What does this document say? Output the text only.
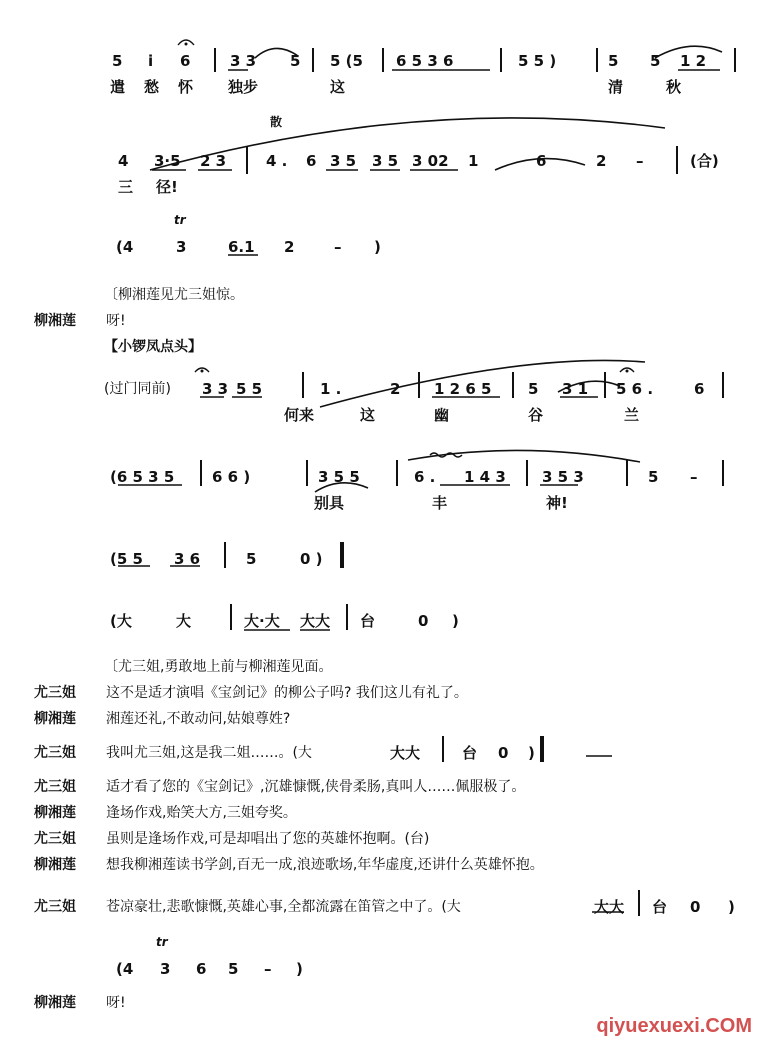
5 i 6	3 3 5 5 (5 6 5 3 6	5 5 )	5 5 1 2
遣 愁 怀 独步	这	清	秋
散
4 3·5 2 3	4 . 6 3 5 3 5 3 02 1	6	2 –	(合)
三 径!
tr
(4	3	6.1 2	– )
〔柳湘莲见尤三姐惊。
柳湘莲 呀!
【小锣凤点头】
(过门同前) 3 3 5 5	1 .	2 1 2 6 5 5 3 1 5 6 .	6
何来	这	幽	谷	兰
(6 5 3 5	6 6 )	3 5 5	6 . 1 4 3 3 5 3	5 –
别具	丰	神!
(5 5 3 6	5	0 )
(大	大	大·大 大大 台	0 )
〔尤三姐,勇敢地上前与柳湘莲见面。
尤三姐 这不是适才演唱《宝剑记》的柳公子吗? 我们这儿有礼了。
柳湘莲 湘莲还礼,不敢动问,姑娘尊姓?
尤三姐 我叫尤三姐,这是我二姐……。(大	大大	台 0 )
尤三姐 适才看了您的《宝剑记》,沉雄慷慨,侠骨柔肠,真叫人……佩服极了。
柳湘莲 逢场作戏,贻笑大方,三姐夸奖。
尤三姐 虽则是逢场作戏,可是却唱出了您的英雄怀抱啊。(台)
柳湘莲 想我柳湘莲读书学剑,百无一成,浪迹歌场,年华虚度,还讲什么英雄怀抱。
尤三姐 苍凉豪壮,悲歌慷慨,英雄心事,全都流露在笛管之中了。(大	大大 台 0 )
tr
(4 3 6 5 – )
柳湘莲 呀!
qiyuexuexi.COM
